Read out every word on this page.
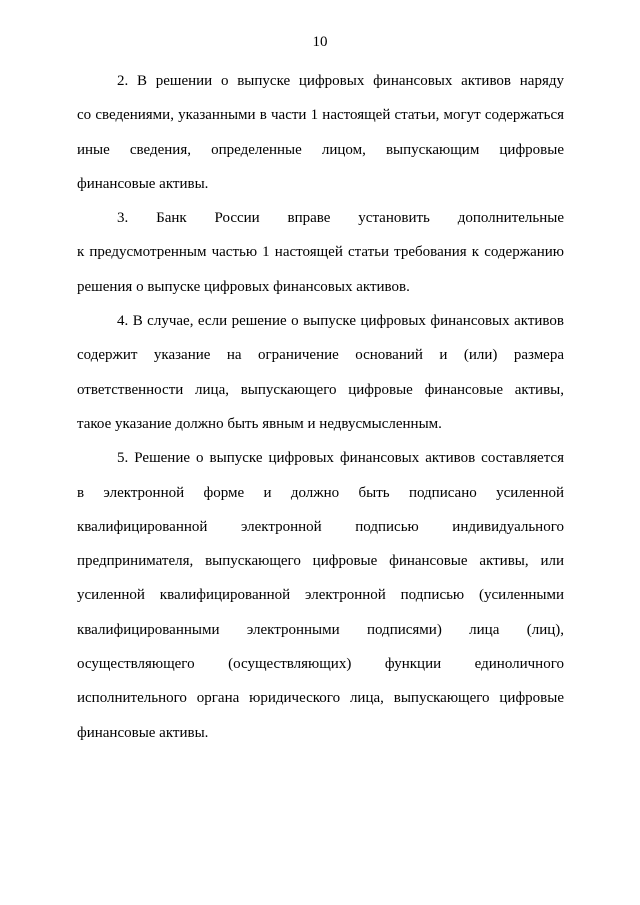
10
2. В решении о выпуске цифровых финансовых активов наряду
со сведениями, указанными в части 1 настоящей статьи, могут содержаться
иные сведения, определенные лицом, выпускающим цифровые
финансовые активы.
3. Банк России вправе установить дополнительные
к предусмотренным частью 1 настоящей статьи требования к содержанию
решения о выпуске цифровых финансовых активов.
4. В случае, если решение о выпуске цифровых финансовых активов
содержит указание на ограничение оснований и (или) размера
ответственности лица, выпускающего цифровые финансовые активы,
такое указание должно быть явным и недвусмысленным.
5. Решение о выпуске цифровых финансовых активов составляется
в электронной форме и должно быть подписано усиленной
квалифицированной электронной подписью индивидуального
предпринимателя, выпускающего цифровые финансовые активы, или
усиленной квалифицированной электронной подписью (усиленными
квалифицированными электронными подписями) лица (лиц),
осуществляющего (осуществляющих) функции единоличного
исполнительного органа юридического лица, выпускающего цифровые
финансовые активы.
